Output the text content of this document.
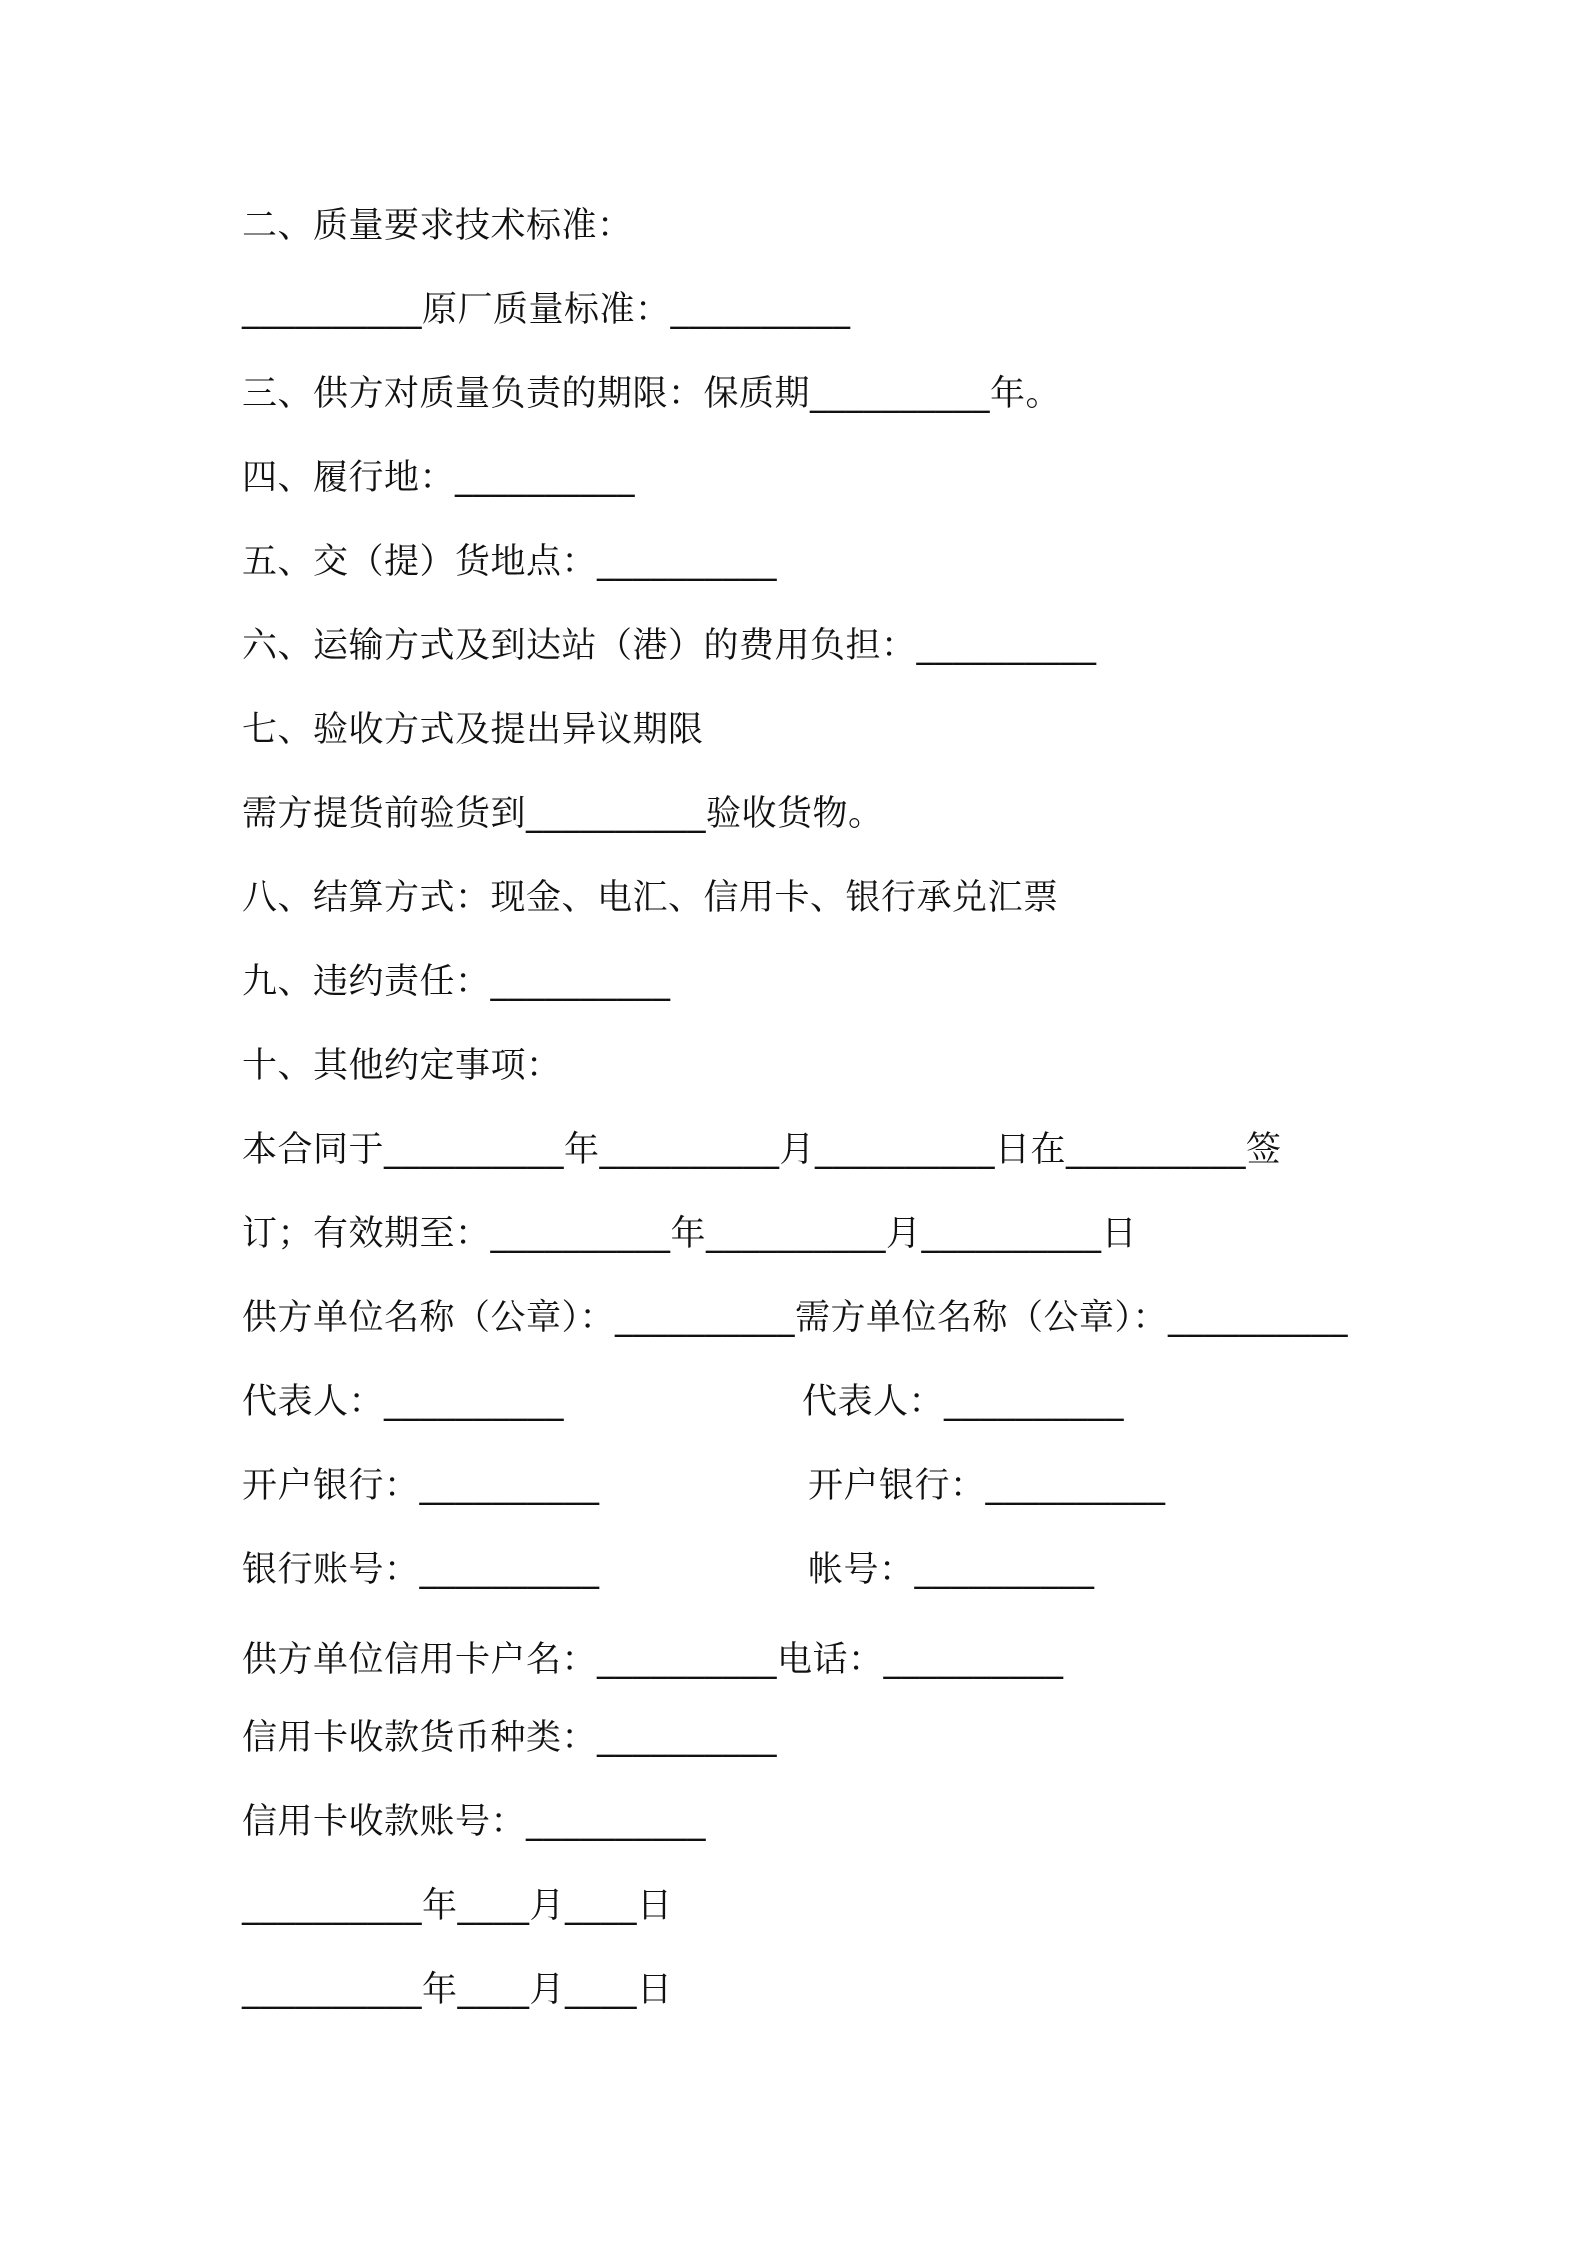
二、质量要求技术标准：
__________原厂质量标准：__________
三、供方对质量负责的期限：保质期__________年。
四、履行地：__________
五、交（提）货地点：__________
六、运输方式及到达站（港）的费用负担：__________
七、验收方式及提出异议期限
需方提货前验货到__________验收货物。
八、结算方式：现金、电汇、信用卡、银行承兑汇票
九、违约责任：__________
十、其他约定事项：
本合同于__________年__________月__________日在__________签
订；有效期至：__________年__________月__________日
供方单位名称（公章）：__________需方单位名称（公章）：__________
代表人：__________	代表人：__________
开户银行：__________	开户银行：__________
银行账号：__________	帐号：__________
供方单位信用卡户名：__________电话：__________
信用卡收款货币种类：__________
信用卡收款账号：__________
__________年____月____日
__________年____月____日
